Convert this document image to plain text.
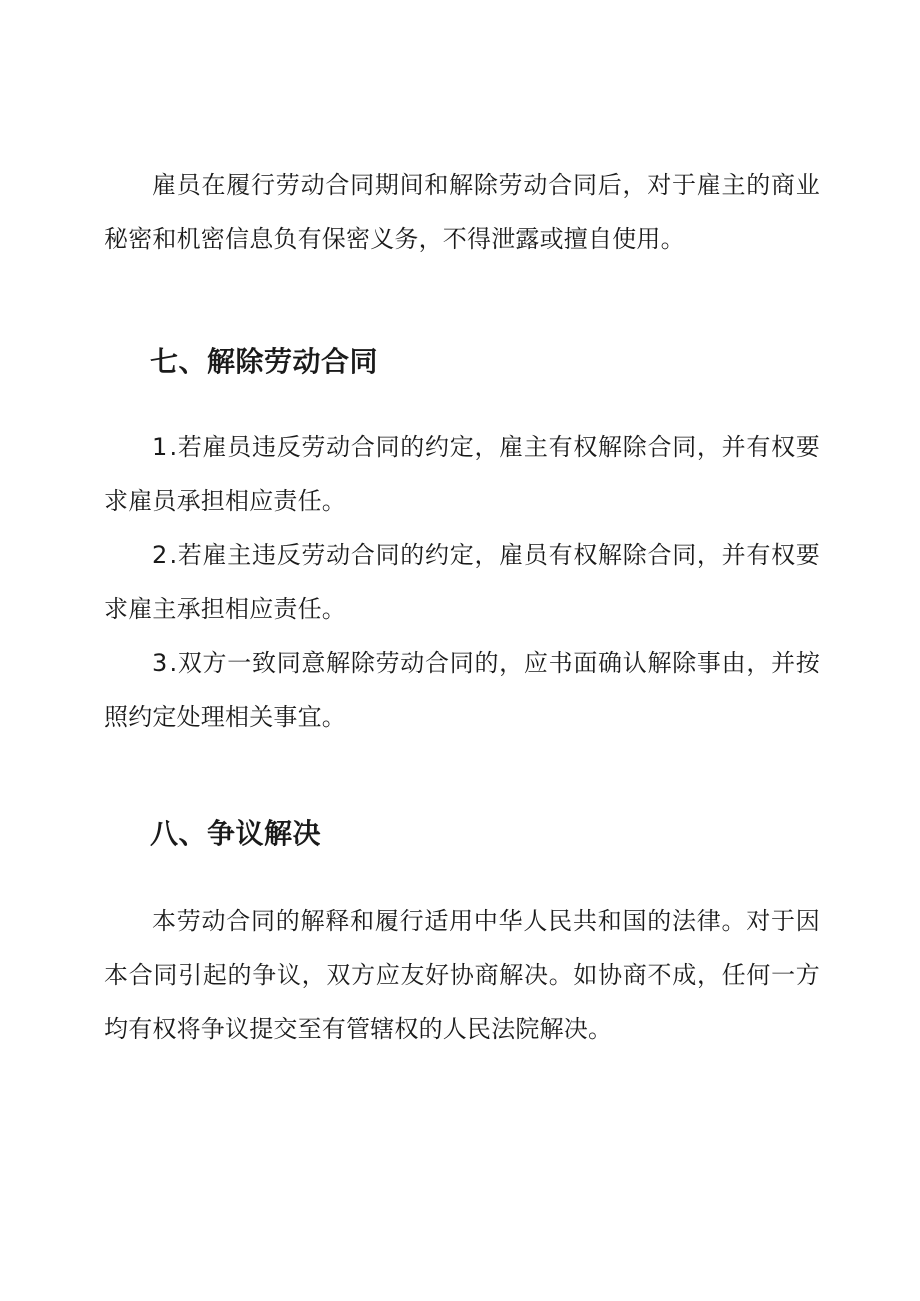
雇员在履行劳动合同期间和解除劳动合同后，对于雇主的商业秘密和机密信息负有保密义务，不得泄露或擅自使用。

七、解除劳动合同

1.若雇员违反劳动合同的约定，雇主有权解除合同，并有权要求雇员承担相应责任。

2.若雇主违反劳动合同的约定，雇员有权解除合同，并有权要求雇主承担相应责任。

3.双方一致同意解除劳动合同的，应书面确认解除事由，并按照约定处理相关事宜。

八、争议解决

本劳动合同的解释和履行适用中华人民共和国的法律。对于因本合同引起的争议，双方应友好协商解决。如协商不成，任何一方均有权将争议提交至有管辖权的人民法院解决。
